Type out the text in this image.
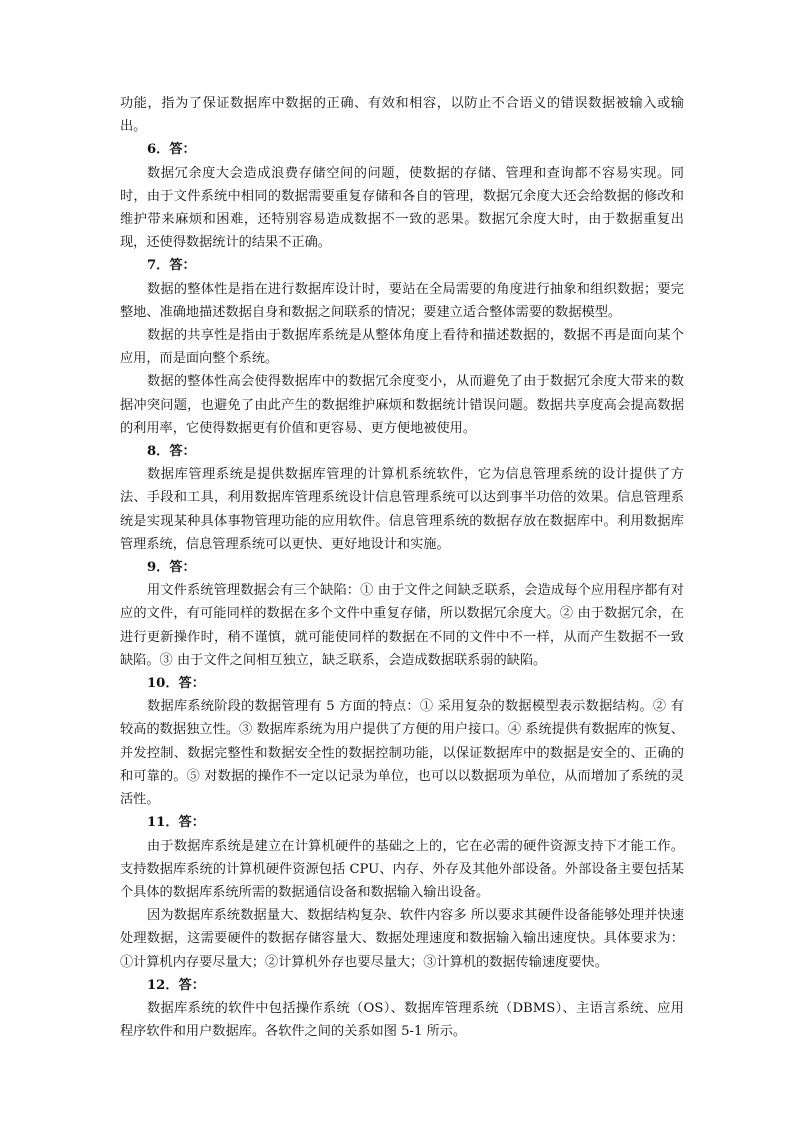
功能，指为了保证数据库中数据的正确、有效和相容，以防止不合语义的错误数据被输入或输出。

6．答：

数据冗余度大会造成浪费存储空间的问题，使数据的存储、管理和查询都不容易实现。同时，由于文件系统中相同的数据需要重复存储和各自的管理，数据冗余度大还会给数据的修改和维护带来麻烦和困难，还特别容易造成数据不一致的恶果。数据冗余度大时，由于数据重复出现，还使得数据统计的结果不正确。

7．答：

数据的整体性是指在进行数据库设计时，要站在全局需要的角度进行抽象和组织数据；要完整地、准确地描述数据自身和数据之间联系的情况；要建立适合整体需要的数据模型。

数据的共享性是指由于数据库系统是从整体角度上看待和描述数据的，数据不再是面向某个应用，而是面向整个系统。

数据的整体性高会使得数据库中的数据冗余度变小，从而避免了由于数据冗余度大带来的数据冲突问题，也避免了由此产生的数据维护麻烦和数据统计错误问题。数据共享度高会提高数据的利用率，它使得数据更有价值和更容易、更方便地被使用。

8．答：

数据库管理系统是提供数据库管理的计算机系统软件，它为信息管理系统的设计提供了方法、手段和工具，利用数据库管理系统设计信息管理系统可以达到事半功倍的效果。信息管理系统是实现某种具体事物管理功能的应用软件。信息管理系统的数据存放在数据库中。利用数据库管理系统，信息管理系统可以更快、更好地设计和实施。

9．答：

用文件系统管理数据会有三个缺陷：① 由于文件之间缺乏联系，会造成每个应用程序都有对应的文件，有可能同样的数据在多个文件中重复存储，所以数据冗余度大。② 由于数据冗余，在进行更新操作时，稍不谨慎，就可能使同样的数据在不同的文件中不一样，从而产生数据不一致缺陷。③ 由于文件之间相互独立，缺乏联系，会造成数据联系弱的缺陷。

10．答：

数据库系统阶段的数据管理有 5 方面的特点：① 采用复杂的数据模型表示数据结构。② 有较高的数据独立性。③ 数据库系统为用户提供了方便的用户接口。④ 系统提供有数据库的恢复、并发控制、数据完整性和数据安全性的数据控制功能，以保证数据库中的数据是安全的、正确的和可靠的。⑤ 对数据的操作不一定以记录为单位，也可以以数据项为单位，从而增加了系统的灵活性。

11．答：

由于数据库系统是建立在计算机硬件的基础之上的，它在必需的硬件资源支持下才能工作。支持数据库系统的计算机硬件资源包括 CPU、内存、外存及其他外部设备。外部设备主要包括某个具体的数据库系统所需的数据通信设备和数据输入输出设备。

因为数据库系统数据量大、数据结构复杂、软件内容多 所以要求其硬件设备能够处理并快速处理数据，这需要硬件的数据存储容量大、数据处理速度和数据输入输出速度快。具体要求为：①计算机内存要尽量大；②计算机外存也要尽量大；③计算机的数据传输速度要快。

12．答：

数据库系统的软件中包括操作系统（OS）、数据库管理系统（DBMS）、主语言系统、应用程序软件和用户数据库。各软件之间的关系如图 5-1 所示。
